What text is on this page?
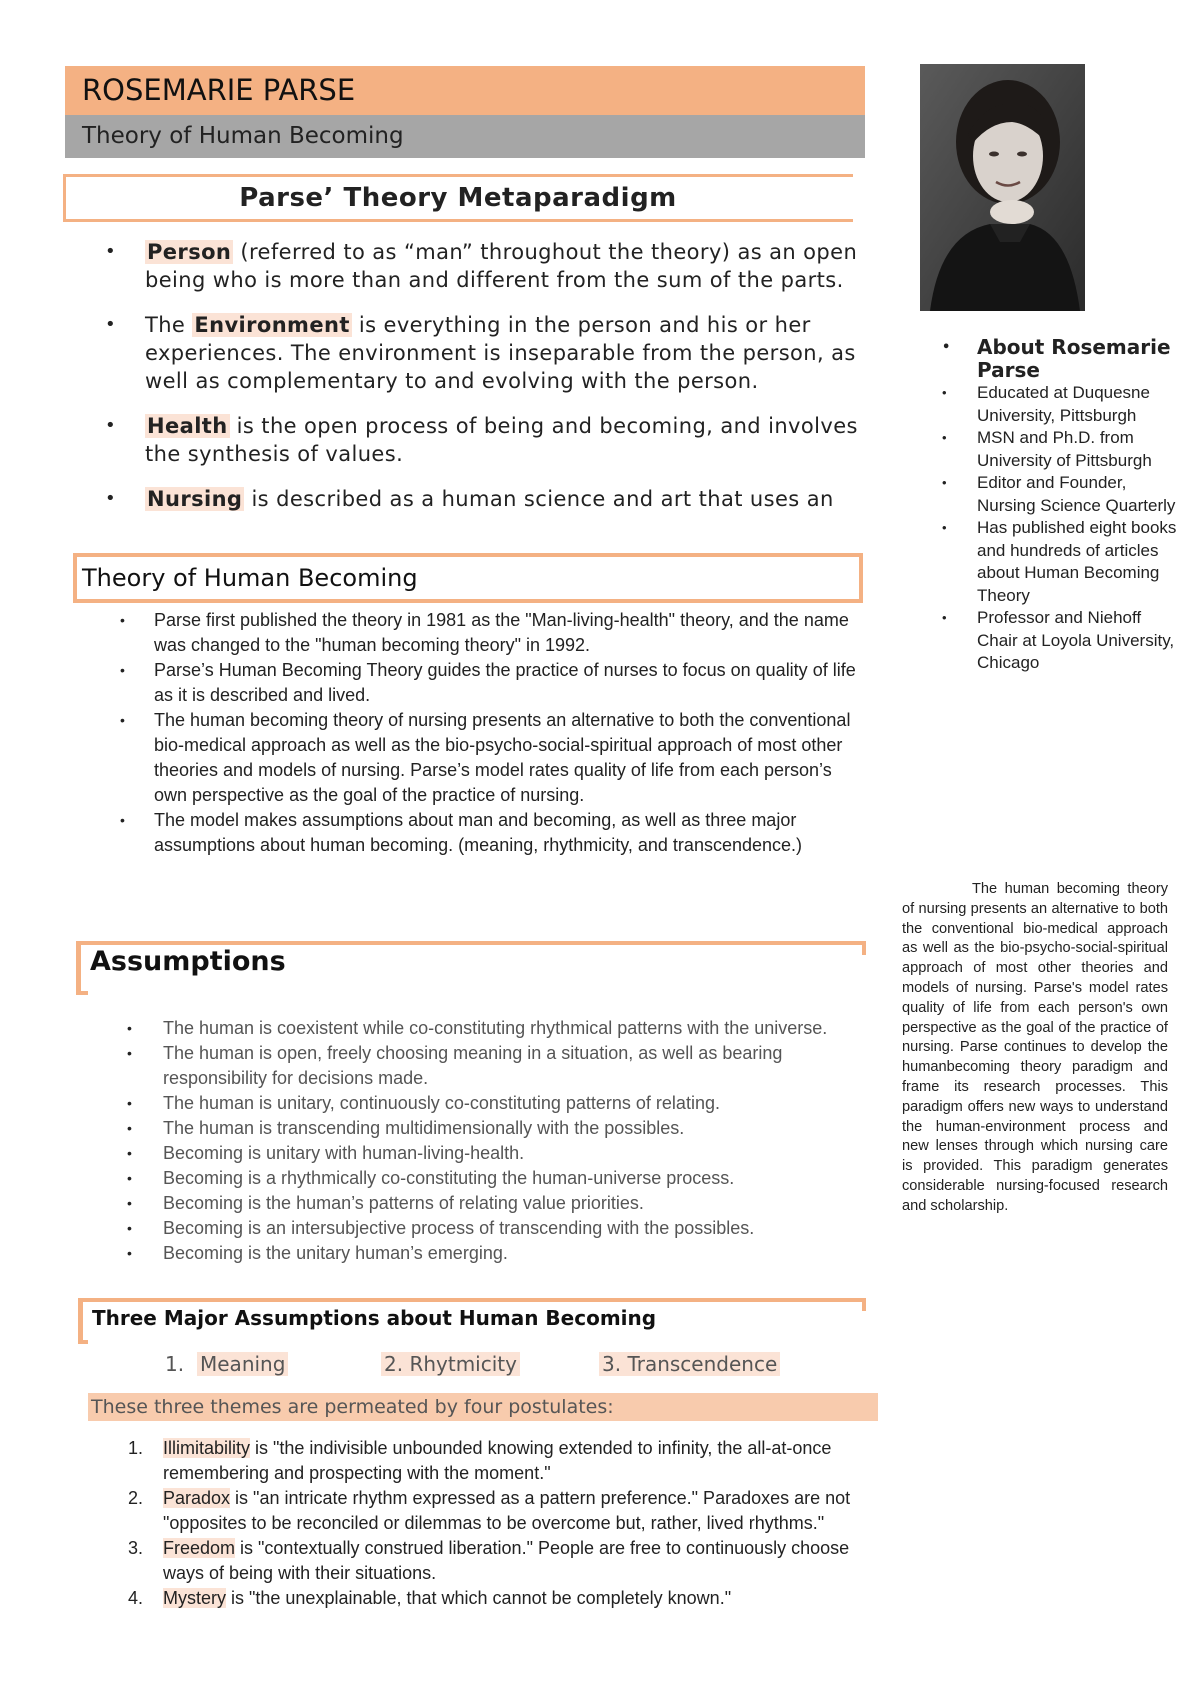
ROSEMARIE PARSE
Theory of Human Becoming
Parse’ Theory Metaparadigm
• Person (referred to as “man” throughout the theory) as an open being who is more than and different from the sum of the parts.
• The Environment is everything in the person and his or her experiences. The environment is inseparable from the person, as well as complementary to and evolving with the person.
• Health is the open process of being and becoming, and involves the synthesis of values.
• Nursing is described as a human science and art that uses an
Theory of Human Becoming
• Parse first published the theory in 1981 as the "Man-living-health" theory, and the name was changed to the "human becoming theory" in 1992.
• Parse’s Human Becoming Theory guides the practice of nurses to focus on quality of life as it is described and lived.
• The human becoming theory of nursing presents an alternative to both the conventional bio-medical approach as well as the bio-psycho-social-spiritual approach of most other theories and models of nursing. Parse’s model rates quality of life from each person’s own perspective as the goal of the practice of nursing.
• The model makes assumptions about man and becoming, as well as three major assumptions about human becoming. (meaning, rhythmicity, and transcendence.)
Assumptions
• The human is coexistent while co-constituting rhythmical patterns with the universe.
• The human is open, freely choosing meaning in a situation, as well as bearing responsibility for decisions made.
• The human is unitary, continuously co-constituting patterns of relating.
• The human is transcending multidimensionally with the possibles.
• Becoming is unitary with human-living-health.
• Becoming is a rhythmically co-constituting the human-universe process.
• Becoming is the human’s patterns of relating value priorities.
• Becoming is an intersubjective process of transcending with the possibles.
• Becoming is the unitary human’s emerging.
Three Major Assumptions about Human Becoming
1. Meaning	2. Rhytmicity	3. Transcendence
These three themes are permeated by four postulates:
1. Illimitability is "the indivisible unbounded knowing extended to infinity, the all-at-once remembering and prospecting with the moment."
2. Paradox is "an intricate rhythm expressed as a pattern preference." Paradoxes are not "opposites to be reconciled or dilemmas to be overcome but, rather, lived rhythms."
3. Freedom is "contextually construed liberation." People are free to continuously choose ways of being with their situations.
4. Mystery is "the unexplainable, that which cannot be completely known."
• About Rosemarie Parse
• Educated at Duquesne University, Pittsburgh
• MSN and Ph.D. from University of Pittsburgh
• Editor and Founder, Nursing Science Quarterly
• Has published eight books and hundreds of articles about Human Becoming Theory
• Professor and Niehoff Chair at Loyola University, Chicago

The human becoming theory of nursing presents an alternative to both the conventional bio-medical approach as well as the bio-psycho-social-spiritual approach of most other theories and models of nursing. Parse's model rates quality of life from each person's own perspective as the goal of the practice of nursing. Parse continues to develop the humanbecoming theory paradigm and frame its research processes. This paradigm offers new ways to understand the human-environment process and new lenses through which nursing care is provided. This paradigm generates considerable nursing-focused research and scholarship.
